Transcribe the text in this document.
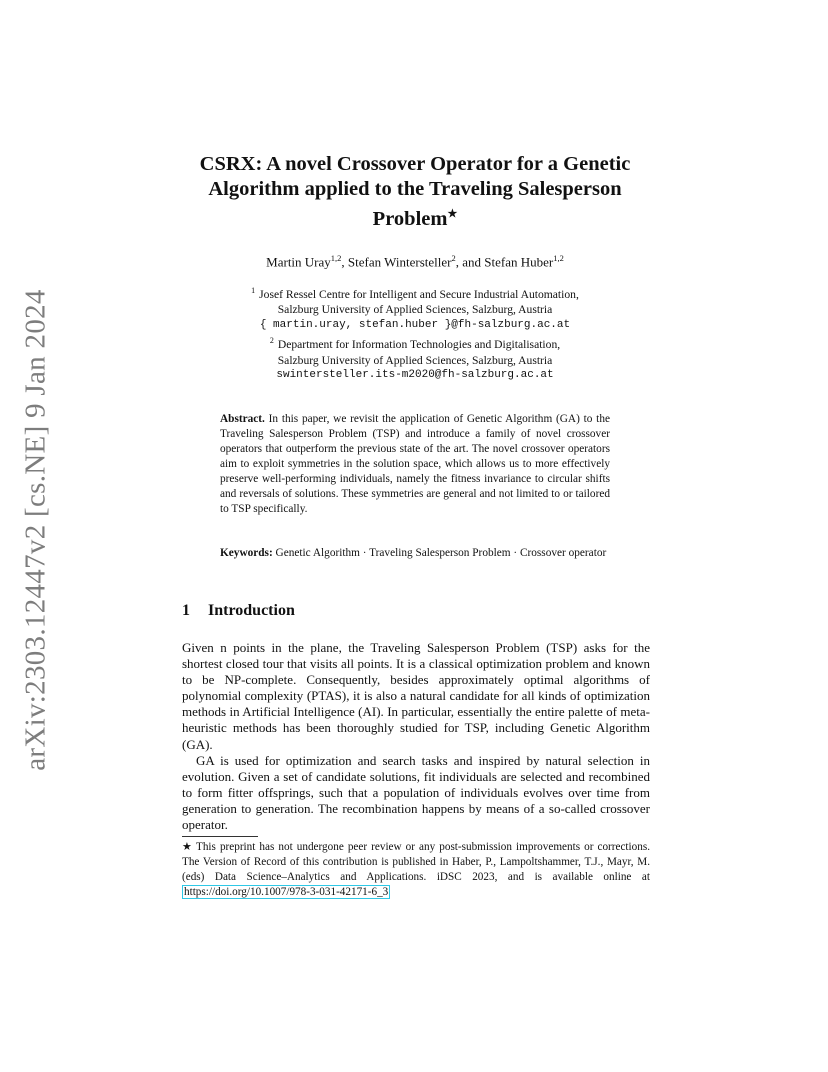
arXiv:2303.12447v2 [cs.NE] 9 Jan 2024
CSRX: A novel Crossover Operator for a Genetic Algorithm applied to the Traveling Salesperson Problem★
Martin Uray$^{1,2}$, Stefan Wintersteller$^2$, and Stefan Huber$^{1,2}$
$^1$ Josef Ressel Centre for Intelligent and Secure Industrial Automation,
Salzburg University of Applied Sciences, Salzburg, Austria
{ martin.uray, stefan.huber }@fh-salzburg.ac.at
$^2$ Department for Information Technologies and Digitalisation,
Salzburg University of Applied Sciences, Salzburg, Austria
swintersteller.its-m2020@fh-salzburg.ac.at
Abstract. In this paper, we revisit the application of Genetic Algorithm (GA) to the Traveling Salesperson Problem (TSP) and introduce a family of novel crossover operators that outperform the previous state of the art. The novel crossover operators aim to exploit symmetries in the solution space, which allows us to more effectively preserve well-performing individuals, namely the fitness invariance to circular shifts and reversals of solutions. These symmetries are general and not limited to or tailored to TSP specifically.
Keywords: Genetic Algorithm · Traveling Salesperson Problem · Crossover operator
1 Introduction

Given n points in the plane, the Traveling Salesperson Problem (TSP) asks for the shortest closed tour that visits all points. It is a classical optimization problem and known to be NP-complete. Consequently, besides approximately optimal algorithms of polynomial complexity (PTAS), it is also a natural candidate for all kinds of optimization methods in Artificial Intelligence (AI). In particular, essentially the entire palette of meta-heuristic methods has been thoroughly studied for TSP, including Genetic Algorithm (GA).

GA is used for optimization and search tasks and inspired by natural selection in evolution. Given a set of candidate solutions, fit individuals are selected and recombined to form fitter offsprings, such that a population of individuals evolves over time from generation to generation. The recombination happens by means of a so-called crossover operator.

★ This preprint has not undergone peer review or any post-submission improvements or corrections. The Version of Record of this contribution is published in Haber, P., Lampoltshammer, T.J., Mayr, M. (eds) Data Science–Analytics and Applications. iDSC 2023, and is available online at https://doi.org/10.1007/978-3-031-42171-6_3
